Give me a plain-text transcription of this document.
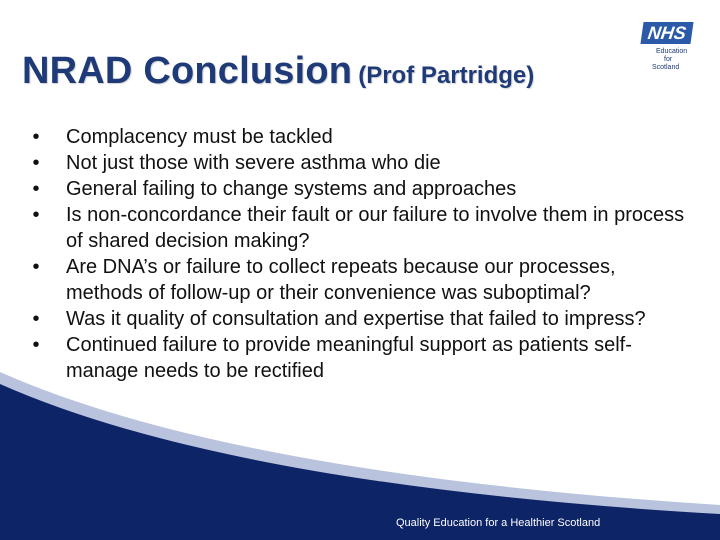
NRAD Conclusion (Prof Partridge)
NHS
Education
for
Scotland
• Complacency must be tackled
• Not just those with severe asthma who die
• General failing to change systems and approaches
• Is non-concordance their fault or our failure to involve them in process of shared decision making?
• Are DNA’s or failure to collect repeats because our processes, methods of follow-up or their convenience was suboptimal?
• Was it quality of consultation and expertise that failed to impress?
• Continued failure to provide meaningful support as patients self-manage needs to be rectified
Quality Education for a Healthier Scotland
